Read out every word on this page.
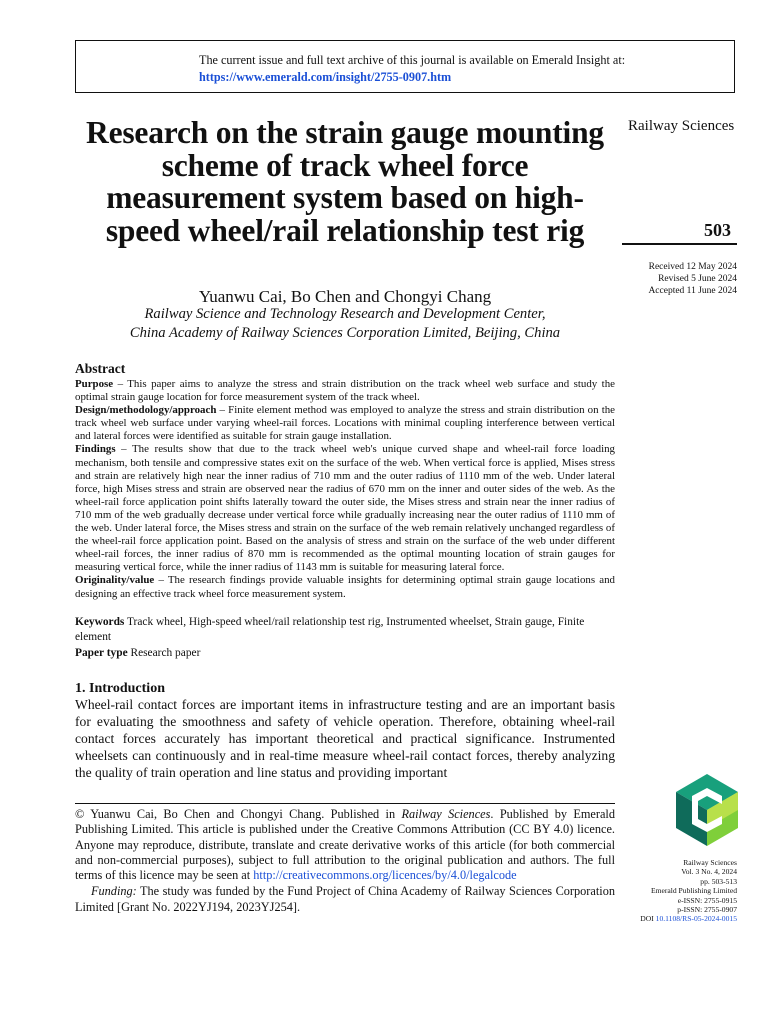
The current issue and full text archive of this journal is available on Emerald Insight at:
https://www.emerald.com/insight/2755-0907.htm
Railway Sciences
503
Received 12 May 2024
Revised 5 June 2024
Accepted 11 June 2024
Research on the strain gauge mounting scheme of track wheel force measurement system based on high-speed wheel/rail relationship test rig
Yuanwu Cai, Bo Chen and Chongyi Chang
Railway Science and Technology Research and Development Center,
China Academy of Railway Sciences Corporation Limited, Beijing, China
Abstract

Purpose – This paper aims to analyze the stress and strain distribution on the track wheel web surface and study the optimal strain gauge location for force measurement system of the track wheel.

Design/methodology/approach – Finite element method was employed to analyze the stress and strain distribution on the track wheel web surface under varying wheel-rail forces. Locations with minimal coupling interference between vertical and lateral forces were identified as suitable for strain gauge installation.

Findings – The results show that due to the track wheel web's unique curved shape and wheel-rail force loading mechanism, both tensile and compressive states exit on the surface of the web. When vertical force is applied, Mises stress and strain are relatively high near the inner radius of 710 mm and the outer radius of 1110 mm of the web. Under lateral force, high Mises stress and strain are observed near the radius of 670 mm on the inner and outer sides of the web. As the wheel-rail force application point shifts laterally toward the outer side, the Mises stress and strain near the inner radius of 710 mm of the web gradually decrease under vertical force while gradually increasing near the outer radius of 1110 mm of the web. Under lateral force, the Mises stress and strain on the surface of the web remain relatively unchanged regardless of the wheel-rail force application point. Based on the analysis of stress and strain on the surface of the web under different wheel-rail forces, the inner radius of 870 mm is recommended as the optimal mounting location of strain gauges for measuring vertical force, while the inner radius of 1143 mm is suitable for measuring lateral force.

Originality/value – The research findings provide valuable insights for determining optimal strain gauge locations and designing an effective track wheel force measurement system.

Keywords Track wheel, High-speed wheel/rail relationship test rig, Instrumented wheelset, Strain gauge, Finite element
Paper type Research paper
1. Introduction
Wheel-rail contact forces are important items in infrastructure testing and are an important basis for evaluating the smoothness and safety of vehicle operation. Therefore, obtaining wheel-rail contact forces accurately has important theoretical and practical significance. Instrumented wheelsets can continuously and in real-time measure wheel-rail contact forces, thereby analyzing the quality of train operation and line status and providing important

© Yuanwu Cai, Bo Chen and Chongyi Chang. Published in Railway Sciences. Published by Emerald Publishing Limited. This article is published under the Creative Commons Attribution (CC BY 4.0) licence. Anyone may reproduce, distribute, translate and create derivative works of this article (for both commercial and non-commercial purposes), subject to full attribution to the original publication and authors. The full terms of this licence may be seen at http://creativecommons.org/licences/by/4.0/legalcode

Funding: The study was funded by the Fund Project of China Academy of Railway Sciences Corporation Limited [Grant No. 2022YJ194, 2023YJ254].

Railway Sciences
Vol. 3 No. 4, 2024
pp. 503-513
Emerald Publishing Limited
e-ISSN: 2755-0915
p-ISSN: 2755-0907
DOI 10.1108/RS-05-2024-0015
